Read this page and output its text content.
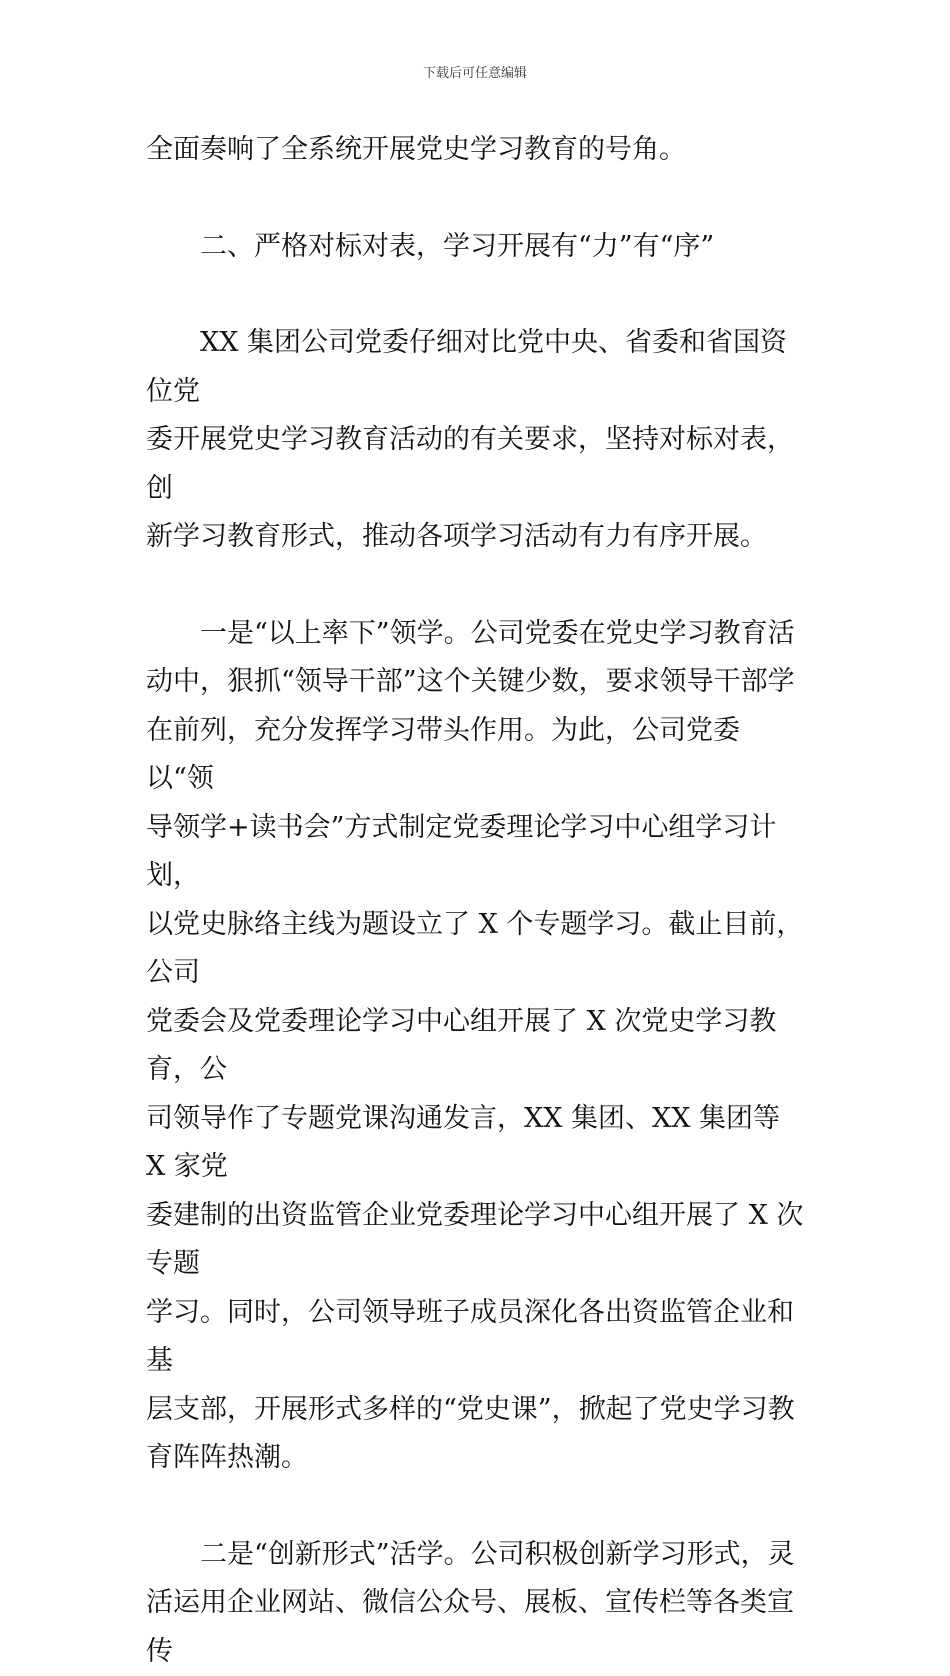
下载后可任意编辑

全面奏响了全系统开展党史学习教育的号角。

二、严格对标对表，学习开展有“力”有“序”

XX 集团公司党委仔细对比党中央、省委和省国资位党
委开展党史学习教育活动的有关要求，坚持对标对表，创
新学习教育形式，推动各项学习活动有力有序开展。

一是“以上率下”领学。公司党委在党史学习教育活
动中，狠抓“领导干部”这个关键少数，要求领导干部学
在前列，充分发挥学习带头作用。为此，公司党委以“领
导领学+读书会”方式制定党委理论学习中心组学习计划，
以党史脉络主线为题设立了 X 个专题学习。截止目前，公司
党委会及党委理论学习中心组开展了 X 次党史学习教育，公
司领导作了专题党课沟通发言，XX 集团、XX 集团等 X 家党
委建制的出资监管企业党委理论学习中心组开展了 X 次专题
学习。同时，公司领导班子成员深化各出资监管企业和基
层支部，开展形式多样的“党史课”，掀起了党史学习教
育阵阵热潮。

二是“创新形式”活学。公司积极创新学习形式，灵
活运用企业网站、微信公众号、展板、宣传栏等各类宣传
